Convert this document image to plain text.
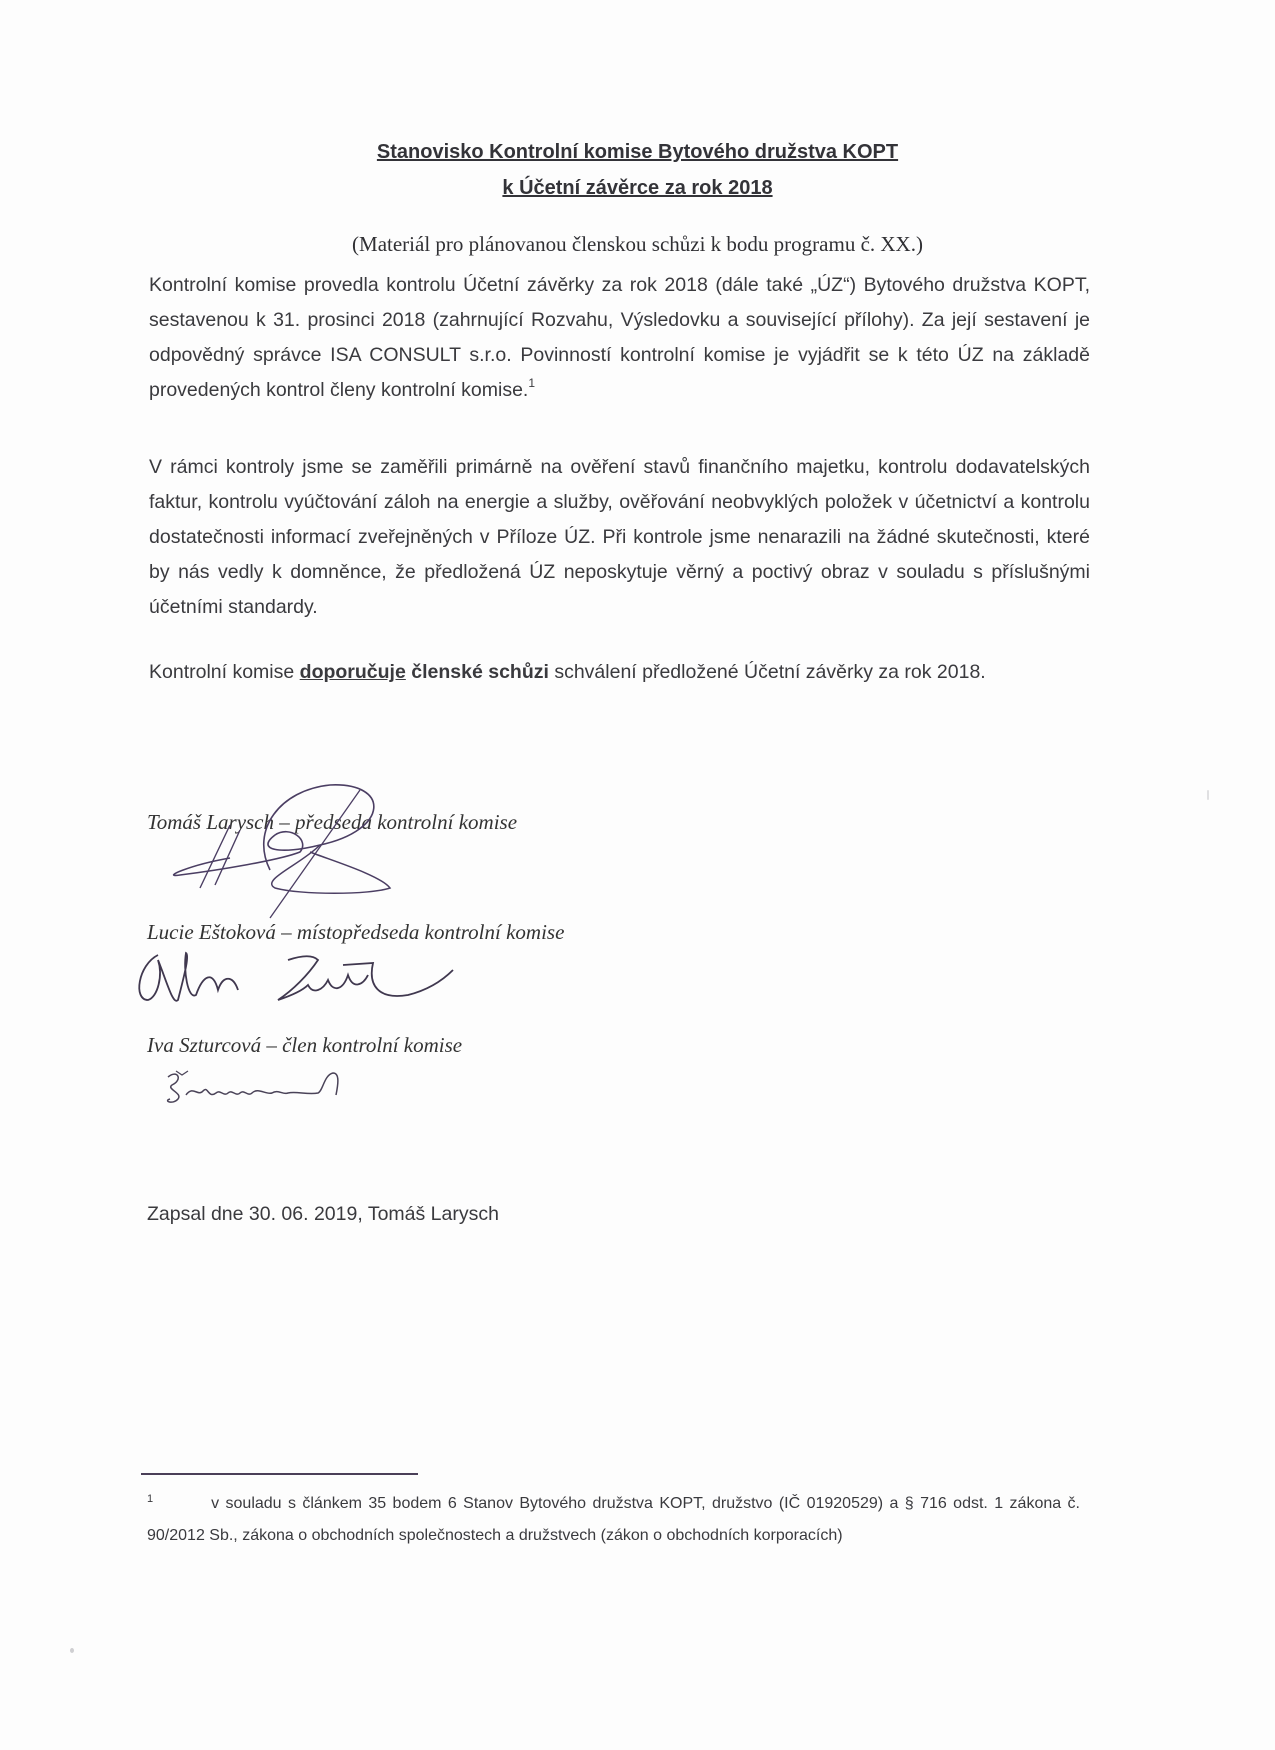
Stanovisko Kontrolní komise Bytového družstva KOPT
k Účetní závěrce za rok 2018
(Materiál pro plánovanou členskou schůzi k bodu programu č. XX.)

Kontrolní komise provedla kontrolu Účetní závěrky za rok 2018 (dále také „ÚZ“) Bytového družstva KOPT, sestavenou k 31. prosinci 2018 (zahrnující Rozvahu, Výsledovku a související přílohy). Za její sestavení je odpovědný správce ISA CONSULT s.r.o. Povinností kontrolní komise je vyjádřit se k této ÚZ na základě provedených kontrol členy kontrolní komise.$^1$

V rámci kontroly jsme se zaměřili primárně na ověření stavů finančního majetku, kontrolu dodavatelských faktur, kontrolu vyúčtování záloh na energie a služby, ověřování neobvyklých položek v účetnictví a kontrolu dostatečnosti informací zveřejněných v Příloze ÚZ. Při kontrole jsme nenarazili na žádné skutečnosti, které by nás vedly k domněnce, že předložená ÚZ neposkytuje věrný a poctivý obraz v souladu s příslušnými účetními standardy.

Kontrolní komise doporučuje členské schůzi schválení předložené Účetní závěrky za rok 2018.

Tomáš Larysch – předseda kontrolní komise
Lucie Eštoková – místopředseda kontrolní komise
Iva Szturcová – člen kontrolní komise
Zapsal dne 30. 06. 2019, Tomáš Larysch

$^1$	v souladu s článkem 35 bodem 6 Stanov Bytového družstva KOPT, družstvo (IČ 01920529) a § 716 odst. 1 zákona č. 90/2012 Sb., zákona o obchodních společnostech a družstvech (zákon o obchodních korporacích)
